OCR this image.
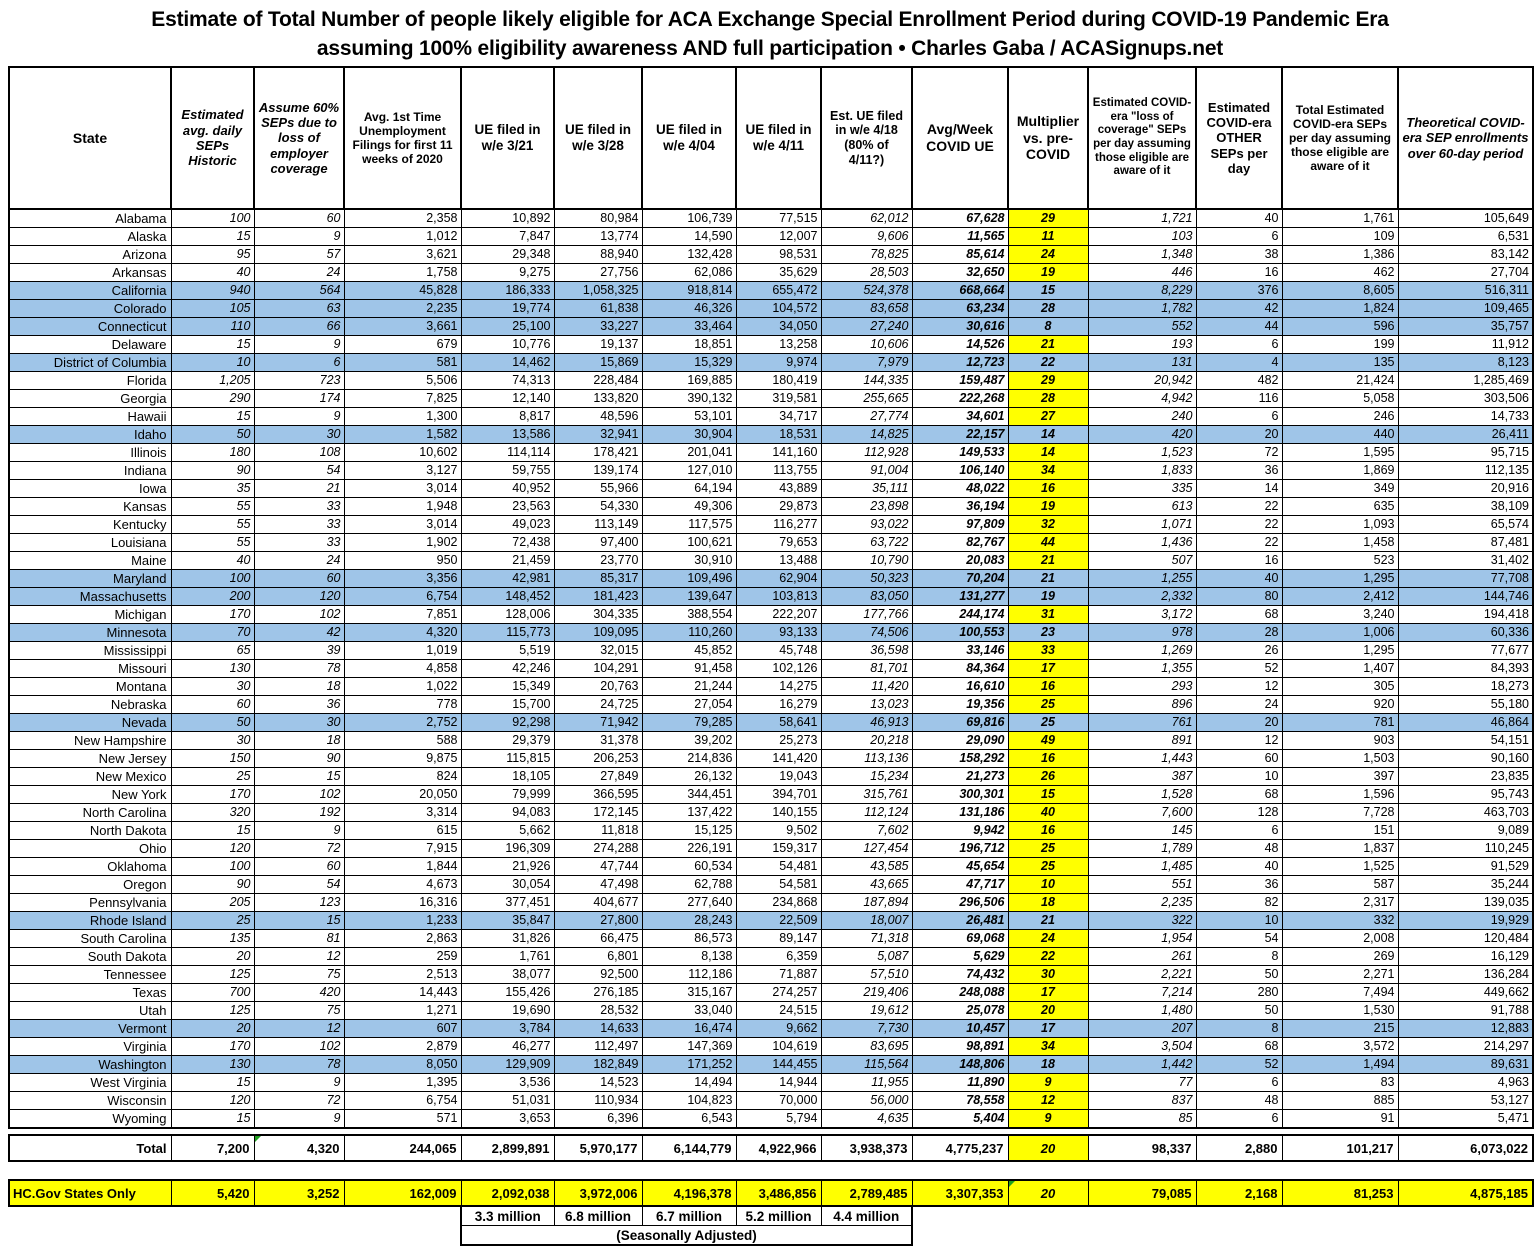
Estimate of Total Number of people likely eligible for ACA Exchange Special Enrollment Period during COVID-19 Pandemic Era
assuming 100% eligibility awareness AND full participation • Charles Gaba / ACASignups.net
State	Estimated avg. daily SEPs Historic	Assume 60% SEPs due to loss of employer coverage	Avg. 1st Time Unemployment Filings for first 11 weeks of 2020	UE filed in w/e 3/21	UE filed in w/e 3/28	UE filed in w/e 4/04	UE filed in w/e 4/11	Est. UE filed in w/e 4/18 (80% of 4/11?)	Avg/Week COVID UE	Multiplier vs. pre-COVID	Estimated COVID-era "loss of coverage" SEPs per day assuming those eligible are aware of it	Estimated COVID-era OTHER SEPs per day	Total Estimated COVID-era SEPs per day assuming those eligible are aware of it	Theoretical COVID-era SEP enrollments over 60-day period
Alabama	100	60	2,358	10,892	80,984	106,739	77,515	62,012	67,628	29	1,721	40	1,761	105,649
Alaska	15	9	1,012	7,847	13,774	14,590	12,007	9,606	11,565	11	103	6	109	6,531
Arizona	95	57	3,621	29,348	88,940	132,428	98,531	78,825	85,614	24	1,348	38	1,386	83,142
Arkansas	40	24	1,758	9,275	27,756	62,086	35,629	28,503	32,650	19	446	16	462	27,704
California	940	564	45,828	186,333	1,058,325	918,814	655,472	524,378	668,664	15	8,229	376	8,605	516,311
Colorado	105	63	2,235	19,774	61,838	46,326	104,572	83,658	63,234	28	1,782	42	1,824	109,465
Connecticut	110	66	3,661	25,100	33,227	33,464	34,050	27,240	30,616	8	552	44	596	35,757
Delaware	15	9	679	10,776	19,137	18,851	13,258	10,606	14,526	21	193	6	199	11,912
District of Columbia	10	6	581	14,462	15,869	15,329	9,974	7,979	12,723	22	131	4	135	8,123
Florida	1,205	723	5,506	74,313	228,484	169,885	180,419	144,335	159,487	29	20,942	482	21,424	1,285,469
Georgia	290	174	7,825	12,140	133,820	390,132	319,581	255,665	222,268	28	4,942	116	5,058	303,506
Hawaii	15	9	1,300	8,817	48,596	53,101	34,717	27,774	34,601	27	240	6	246	14,733
Idaho	50	30	1,582	13,586	32,941	30,904	18,531	14,825	22,157	14	420	20	440	26,411
Illinois	180	108	10,602	114,114	178,421	201,041	141,160	112,928	149,533	14	1,523	72	1,595	95,715
Indiana	90	54	3,127	59,755	139,174	127,010	113,755	91,004	106,140	34	1,833	36	1,869	112,135
Iowa	35	21	3,014	40,952	55,966	64,194	43,889	35,111	48,022	16	335	14	349	20,916
Kansas	55	33	1,948	23,563	54,330	49,306	29,873	23,898	36,194	19	613	22	635	38,109
Kentucky	55	33	3,014	49,023	113,149	117,575	116,277	93,022	97,809	32	1,071	22	1,093	65,574
Louisiana	55	33	1,902	72,438	97,400	100,621	79,653	63,722	82,767	44	1,436	22	1,458	87,481
Maine	40	24	950	21,459	23,770	30,910	13,488	10,790	20,083	21	507	16	523	31,402
Maryland	100	60	3,356	42,981	85,317	109,496	62,904	50,323	70,204	21	1,255	40	1,295	77,708
Massachusetts	200	120	6,754	148,452	181,423	139,647	103,813	83,050	131,277	19	2,332	80	2,412	144,746
Michigan	170	102	7,851	128,006	304,335	388,554	222,207	177,766	244,174	31	3,172	68	3,240	194,418
Minnesota	70	42	4,320	115,773	109,095	110,260	93,133	74,506	100,553	23	978	28	1,006	60,336
Mississippi	65	39	1,019	5,519	32,015	45,852	45,748	36,598	33,146	33	1,269	26	1,295	77,677
Missouri	130	78	4,858	42,246	104,291	91,458	102,126	81,701	84,364	17	1,355	52	1,407	84,393
Montana	30	18	1,022	15,349	20,763	21,244	14,275	11,420	16,610	16	293	12	305	18,273
Nebraska	60	36	778	15,700	24,725	27,054	16,279	13,023	19,356	25	896	24	920	55,180
Nevada	50	30	2,752	92,298	71,942	79,285	58,641	46,913	69,816	25	761	20	781	46,864
New Hampshire	30	18	588	29,379	31,378	39,202	25,273	20,218	29,090	49	891	12	903	54,151
New Jersey	150	90	9,875	115,815	206,253	214,836	141,420	113,136	158,292	16	1,443	60	1,503	90,160
New Mexico	25	15	824	18,105	27,849	26,132	19,043	15,234	21,273	26	387	10	397	23,835
New York	170	102	20,050	79,999	366,595	344,451	394,701	315,761	300,301	15	1,528	68	1,596	95,743
North Carolina	320	192	3,314	94,083	172,145	137,422	140,155	112,124	131,186	40	7,600	128	7,728	463,703
North Dakota	15	9	615	5,662	11,818	15,125	9,502	7,602	9,942	16	145	6	151	9,089
Ohio	120	72	7,915	196,309	274,288	226,191	159,317	127,454	196,712	25	1,789	48	1,837	110,245
Oklahoma	100	60	1,844	21,926	47,744	60,534	54,481	43,585	45,654	25	1,485	40	1,525	91,529
Oregon	90	54	4,673	30,054	47,498	62,788	54,581	43,665	47,717	10	551	36	587	35,244
Pennsylvania	205	123	16,316	377,451	404,677	277,640	234,868	187,894	296,506	18	2,235	82	2,317	139,035
Rhode Island	25	15	1,233	35,847	27,800	28,243	22,509	18,007	26,481	21	322	10	332	19,929
South Carolina	135	81	2,863	31,826	66,475	86,573	89,147	71,318	69,068	24	1,954	54	2,008	120,484
South Dakota	20	12	259	1,761	6,801	8,138	6,359	5,087	5,629	22	261	8	269	16,129
Tennessee	125	75	2,513	38,077	92,500	112,186	71,887	57,510	74,432	30	2,221	50	2,271	136,284
Texas	700	420	14,443	155,426	276,185	315,167	274,257	219,406	248,088	17	7,214	280	7,494	449,662
Utah	125	75	1,271	19,690	28,532	33,040	24,515	19,612	25,078	20	1,480	50	1,530	91,788
Vermont	20	12	607	3,784	14,633	16,474	9,662	7,730	10,457	17	207	8	215	12,883
Virginia	170	102	2,879	46,277	112,497	147,369	104,619	83,695	98,891	34	3,504	68	3,572	214,297
Washington	130	78	8,050	129,909	182,849	171,252	144,455	115,564	148,806	18	1,442	52	1,494	89,631
West Virginia	15	9	1,395	3,536	14,523	14,494	14,944	11,955	11,890	9	77	6	83	4,963
Wisconsin	120	72	6,754	51,031	110,934	104,823	70,000	56,000	78,558	12	837	48	885	53,127
Wyoming	15	9	571	3,653	6,396	6,543	5,794	4,635	5,404	9	85	6	91	5,471
Total	7,200	4,320	244,065	2,899,891	5,970,177	6,144,779	4,922,966	3,938,373	4,775,237	20	98,337	2,880	101,217	6,073,022
HC.Gov States Only	5,420	3,252	162,009	2,092,038	3,972,006	4,196,378	3,486,856	2,789,485	3,307,353	20	79,085	2,168	81,253	4,875,185
3.3 million	6.8 million	6.7 million	5.2 million	4.4 million
(Seasonally Adjusted)
